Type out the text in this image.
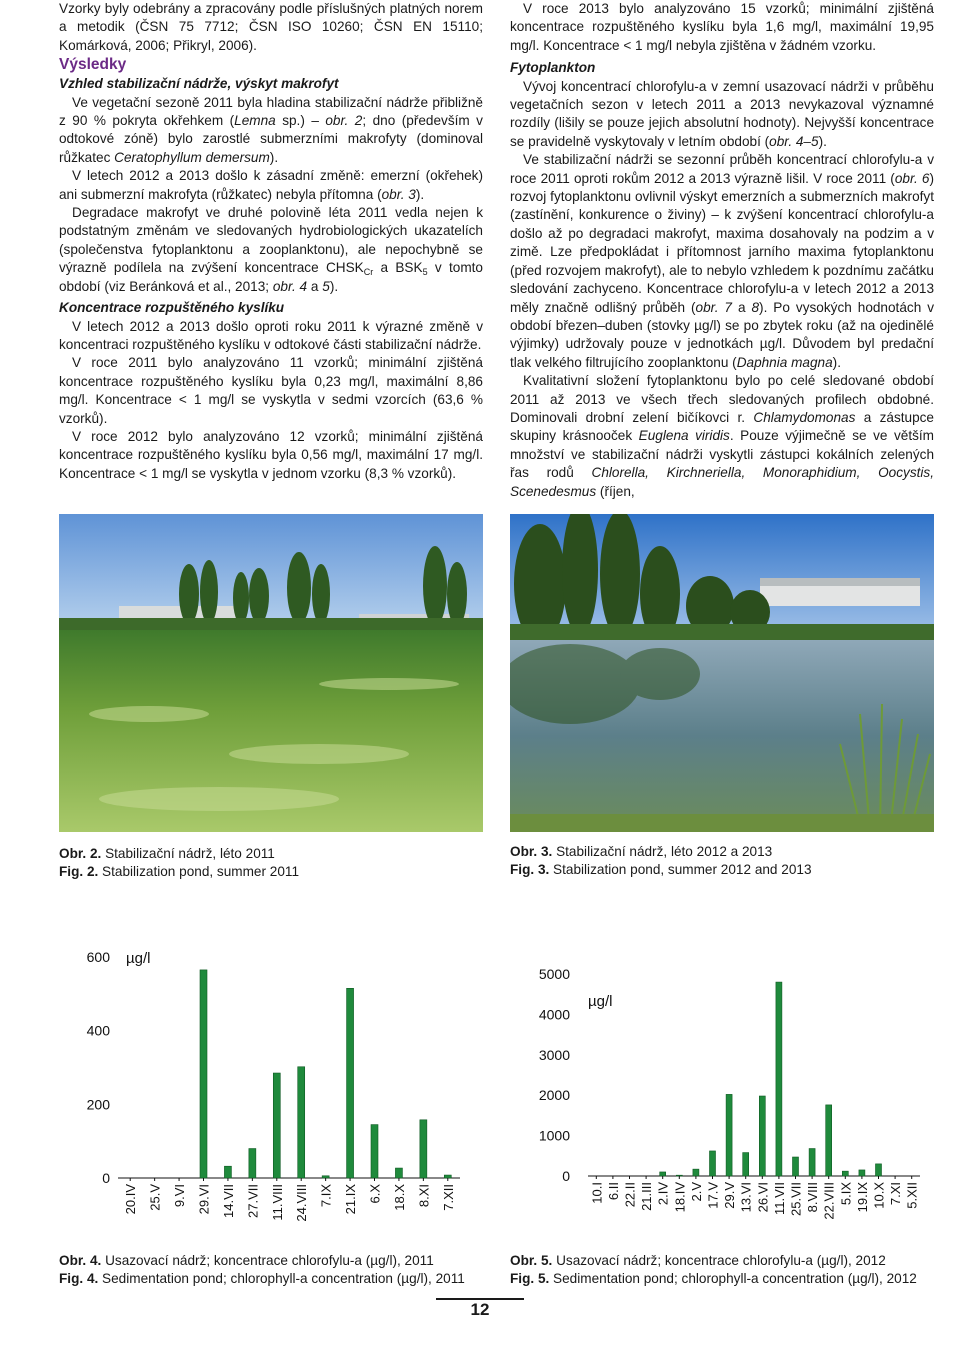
Vzorky byly odebrány a zpracovány podle příslušných platných norem a metodik (ČSN 75 7712; ČSN ISO 10260; ČSN EN 15110; Komárková, 2006; Přikryl, 2006).

Výsledky

Vzhled stabilizační nádrže, výskyt makrofyt

Ve vegetační sezoně 2011 byla hladina stabilizační nádrže přibližně z 90 % pokryta okřehkem (Lemna sp.) – obr. 2; dno (především v odtokové zóně) bylo zarostlé submerzními makrofyty (dominoval růžkatec Ceratophyllum demersum).

V letech 2012 a 2013 došlo k zásadní změně: emerzní (okřehek) ani submerzní makrofyta (růžkatec) nebyla přítomna (obr. 3).

Degradace makrofyt ve druhé polovině léta 2011 vedla nejen k podstatným změnám ve sledovaných hydrobiologických ukazatelích (společenstva fytoplanktonu a zooplanktonu), ale nepochybně se výrazně podílela na zvýšení koncentrace $CHSK_{Cr}$ a $BSK_5$ v tomto období (viz Beránková et al., 2013; obr. 4 a 5).

Koncentrace rozpuštěného kyslíku

V letech 2012 a 2013 došlo oproti roku 2011 k výrazné změně v koncentraci rozpuštěného kyslíku v odtokové části stabilizační nádrže.

V roce 2011 bylo analyzováno 11 vzorků; minimální zjištěná koncentrace rozpuštěného kyslíku byla 0,23 mg/l, maximální 8,86 mg/l. Koncentrace < 1 mg/l se vyskytla v sedmi vzorcích (63,6 % vzorků).

V roce 2012 bylo analyzováno 12 vzorků; minimální zjištěná koncentrace rozpuštěného kyslíku byla 0,56 mg/l, maximální 17 mg/l. Koncentrace < 1 mg/l se vyskytla v jednom vzorku (8,3 % vzorků).

V roce 2013 bylo analyzováno 15 vzorků; minimální zjištěná koncentrace rozpuštěného kyslíku byla 1,6 mg/l, maximální 19,95 mg/l. Koncentrace < 1 mg/l nebyla zjištěna v žádném vzorku.

Fytoplankton

Vývoj koncentrací chlorofylu-a v zemní usazovací nádrži v průběhu vegetačních sezon v letech 2011 a 2013 nevykazoval významné rozdíly (lišily se pouze jejich absolutní hodnoty). Nejvyšší koncentrace se pravidelně vyskytovaly v letním období (obr. 4–5).

Ve stabilizační nádrži se sezonní průběh koncentrací chlorofylu-a v roce 2011 oproti rokům 2012 a 2013 výrazně lišil. V roce 2011 (obr. 6) rozvoj fytoplanktonu ovlivnil výskyt emerzních a submerzních makrofyt (zastínění, konkurence o živiny) – k zvýšení koncentrací chlorofylu-a došlo až po degradaci makrofyt, maxima dosahovaly na podzim a v zimě. Lze předpokládat i přítomnost jarního maxima fytoplanktonu (před rozvojem makrofyt), ale to nebylo vzhledem k pozdnímu začátku sledování zachyceno. Koncentrace chlorofylu-a v letech 2012 a 2013 měly značně odlišný průběh (obr. 7 a 8). Po vysokých hodnotách v období březen–duben (stovky µg/l) se po zbytek roku (až na ojedinělé výjimky) udržovaly pouze v jednotkách µg/l. Důvodem byl predační tlak velkého filtrujícího zooplanktonu (Daphnia magna).

Kvalitativní složení fytoplanktonu bylo po celé sledované období 2011 až 2013 ve všech třech sledovaných profilech obdobné. Dominovali drobní zelení bičíkovci r. Chlamydomonas a zástupce skupiny krásnooček Euglena viridis. Pouze výjimečně se ve větším množství ve stabilizační nádrži vyskytli zástupci kokálních zelených řas rodů Chlorella, Kirchneriella, Monoraphidium, Oocystis, Scenedesmus (říjen,

Obr. 2. Stabilizační nádrž, léto 2011
Fig. 2. Stabilization pond, summer 2011
Obr. 3. Stabilizační nádrž, léto 2012 a 2013
Fig. 3. Stabilization pond, summer 2012 and 2013
0
200
400
600 µg/l
20.IV 25.V 9.VI 29.VI 14.VII 27.VII 11.VIII 24.VIII 7.IX 21.IX 6.X 18.X 8.XI 7.XII
0
1000
2000
3000
4000
5000
µg/l
10.I 6.II 22.II 21.III 2.IV 18.IV 2.V 17.V 29.V 13.VI 26.VI 11.VII 25.VII 8.VIII 22.VIII 5.IX 19.IX 10.X 7.XI 5.XII
Obr. 4. Usazovací nádrž; koncentrace chlorofylu-a (µg/l), 2011
Fig. 4. Sedimentation pond; chlorophyll-a concentration (µg/l), 2011
Obr. 5. Usazovací nádrž; koncentrace chlorofylu-a (µg/l), 2012
Fig. 5. Sedimentation pond; chlorophyll-a concentration (µg/l), 2012
12
